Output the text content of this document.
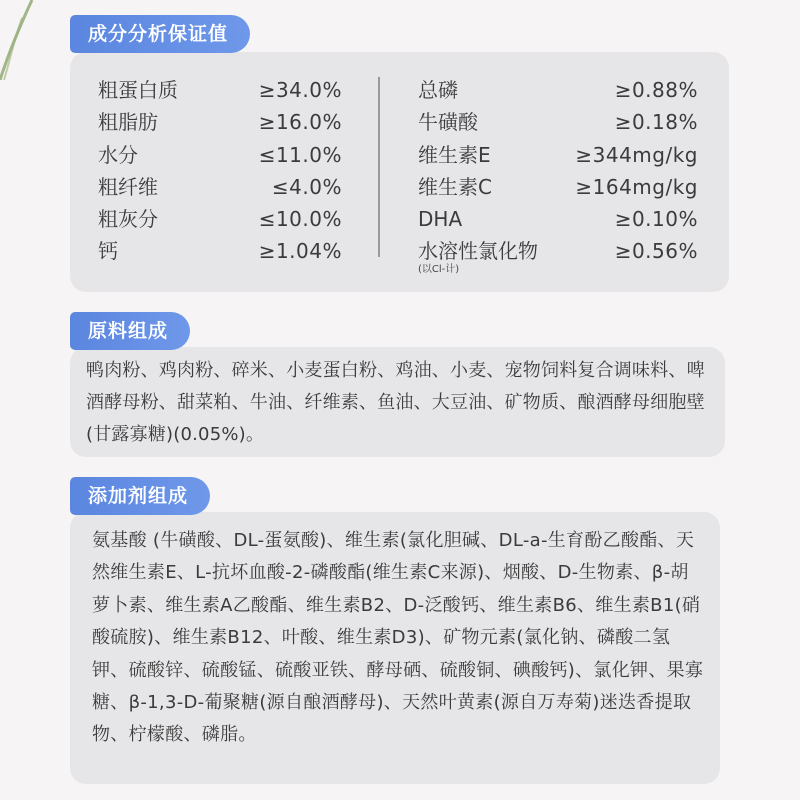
成分分析保证值
粗蛋白质	≥34.0%
粗脂肪	≥16.0%
水分	≤11.0%
粗纤维	≤4.0%
粗灰分	≤10.0%
钙	≥1.04%
总磷	≥0.88%
牛磺酸	≥0.18%
维生素E	≥344mg/kg
维生素C	≥164mg/kg
DHA	≥0.10%
水溶性氯化物	≥0.56%
(以Cl-计)
原料组成
鸭肉粉、鸡肉粉、碎米、小麦蛋白粉、鸡油、小麦、宠物饲料复合调味料、啤酒酵母粉、甜菜粕、牛油、纤维素、鱼油、大豆油、矿物质、酿酒酵母细胞壁(甘露寡糖)(0.05%)。
添加剂组成
氨基酸 (牛磺酸、DL-蛋氨酸)、维生素(氯化胆碱、DL-a-生育酚乙酸酯、天然维生素E、L-抗坏血酸-2-磷酸酯(维生素C来源)、烟酸、D-生物素、β-胡萝卜素、维生素A乙酸酯、维生素B2、D-泛酸钙、维生素B6、维生素B1(硝酸硫胺)、维生素B12、叶酸、维生素D3)、矿物元素(氯化钠、磷酸二氢钾、硫酸锌、硫酸锰、硫酸亚铁、酵母硒、硫酸铜、碘酸钙)、氯化钾、果寡糖、β-1,3-D-葡聚糖(源自酿酒酵母)、天然叶黄素(源自万寿菊)迷迭香提取物、柠檬酸、磷脂。
